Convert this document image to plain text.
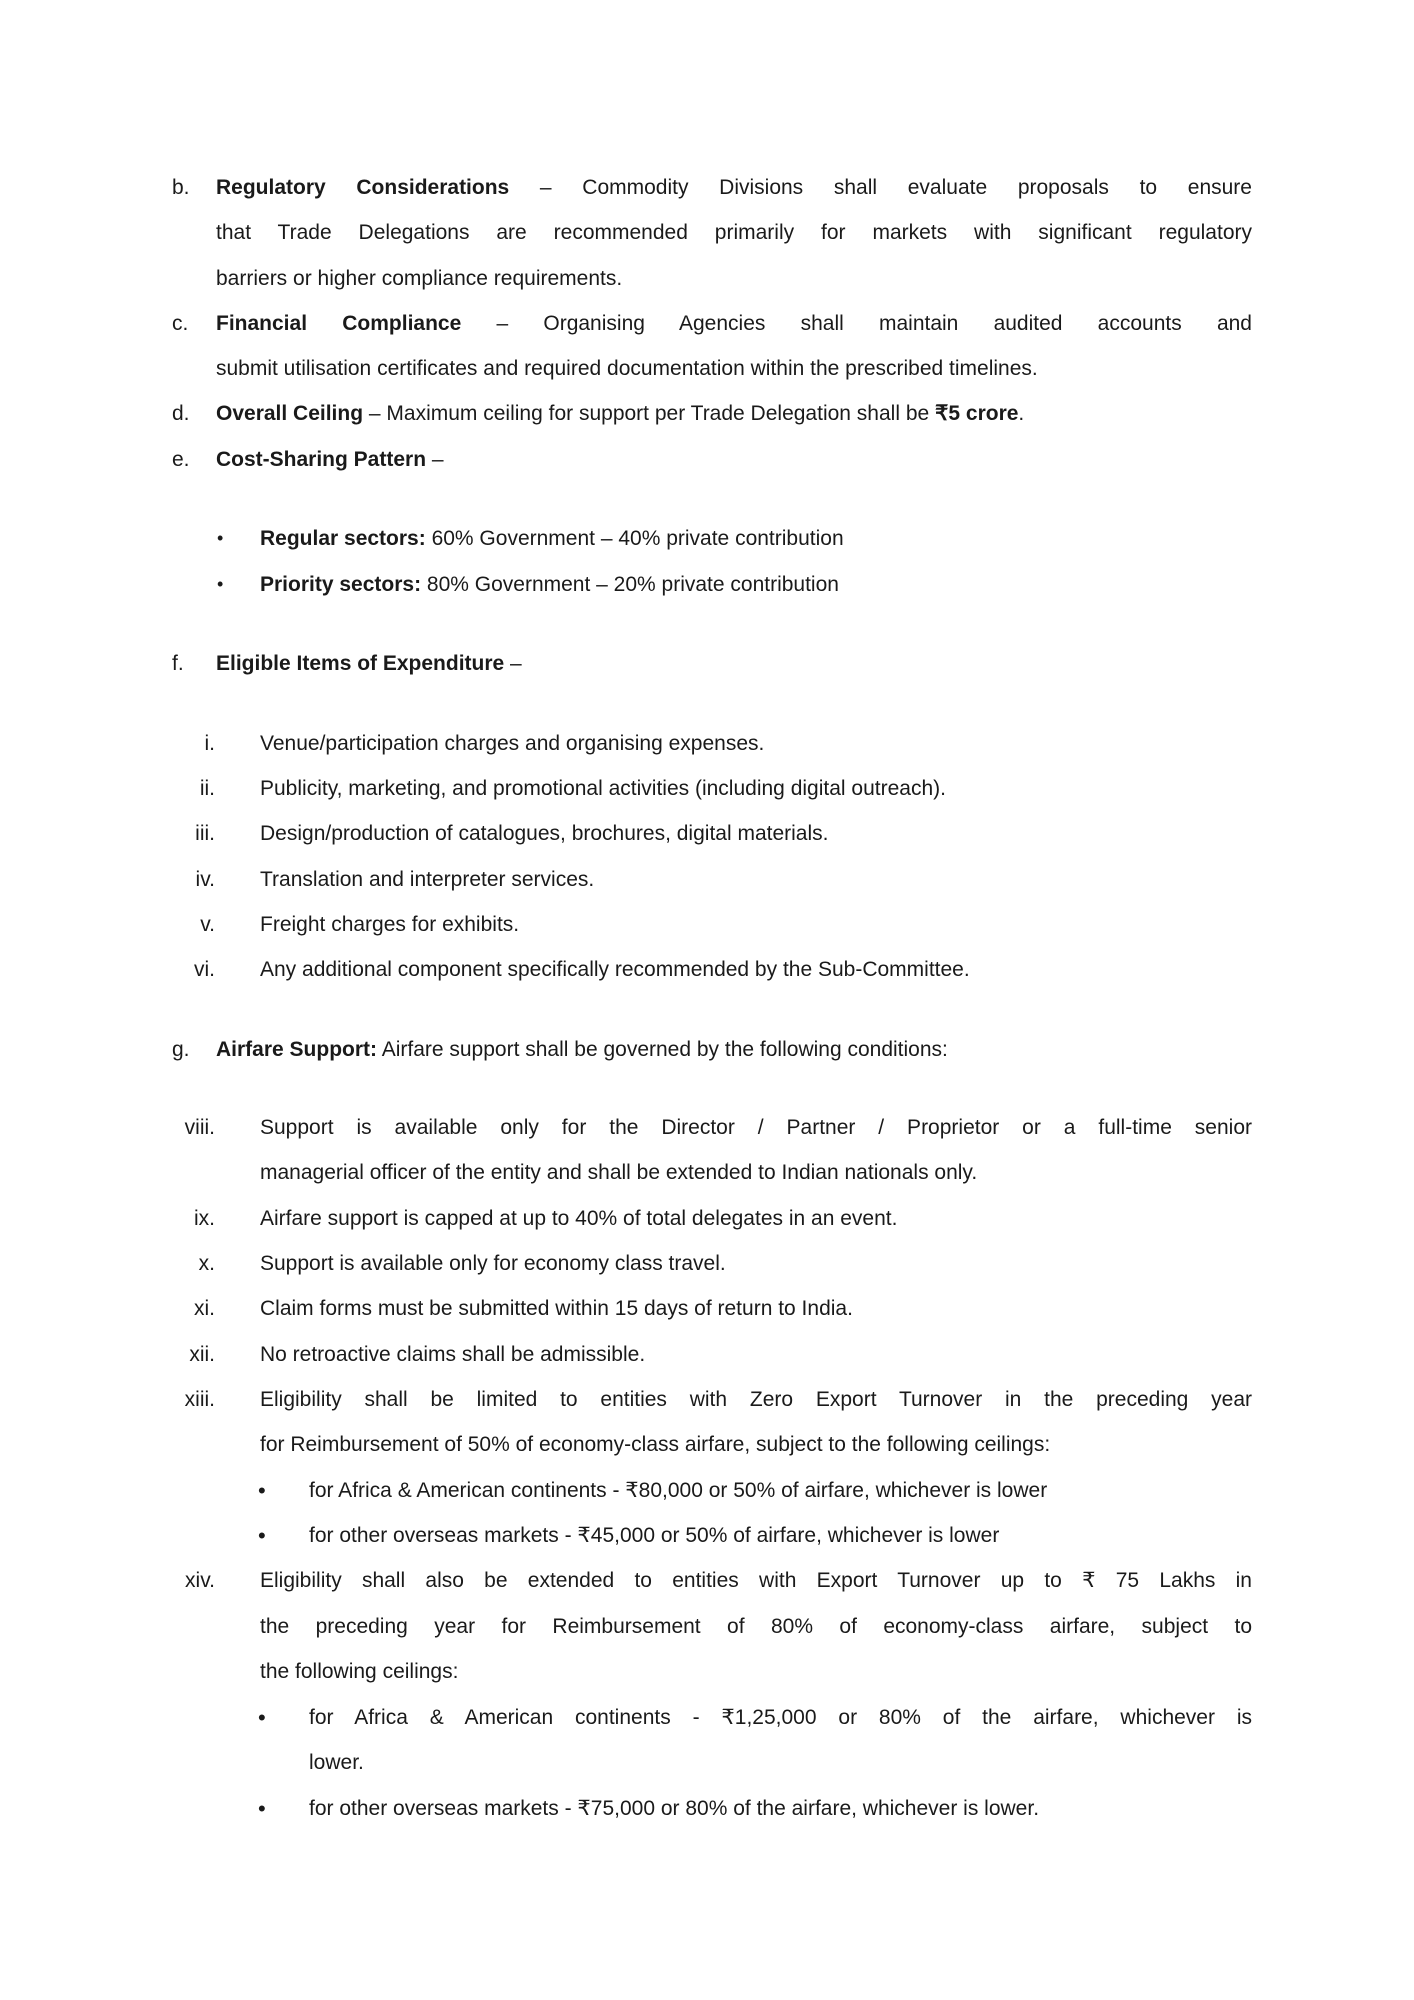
b. Regulatory Considerations – Commodity Divisions shall evaluate proposals to ensure
that Trade Delegations are recommended primarily for markets with significant regulatory
barriers or higher compliance requirements.
c. Financial Compliance – Organising Agencies shall maintain audited accounts and
submit utilisation certificates and required documentation within the prescribed timelines.
d. Overall Ceiling – Maximum ceiling for support per Trade Delegation shall be ₹5 crore.
e. Cost-Sharing Pattern –
• Regular sectors: 60% Government – 40% private contribution
• Priority sectors: 80% Government – 20% private contribution
f. Eligible Items of Expenditure –
i. Venue/participation charges and organising expenses.
ii. Publicity, marketing, and promotional activities (including digital outreach).
iii. Design/production of catalogues, brochures, digital materials.
iv. Translation and interpreter services.
v. Freight charges for exhibits.
vi. Any additional component specifically recommended by the Sub-Committee.
g. Airfare Support: Airfare support shall be governed by the following conditions:
viii. Support is available only for the Director / Partner / Proprietor or a full-time senior
managerial officer of the entity and shall be extended to Indian nationals only.
ix. Airfare support is capped at up to 40% of total delegates in an event.
x. Support is available only for economy class travel.
xi. Claim forms must be submitted within 15 days of return to India.
xii. No retroactive claims shall be admissible.
xiii. Eligibility shall be limited to entities with Zero Export Turnover in the preceding year
for Reimbursement of 50% of economy-class airfare, subject to the following ceilings:
• for Africa & American continents - ₹80,000 or 50% of airfare, whichever is lower
• for other overseas markets - ₹45,000 or 50% of airfare, whichever is lower
xiv. Eligibility shall also be extended to entities with Export Turnover up to ₹ 75 Lakhs in
the preceding year for Reimbursement of 80% of economy-class airfare, subject to
the following ceilings:
• for Africa & American continents - ₹1,25,000 or 80% of the airfare, whichever is
lower.
• for other overseas markets - ₹75,000 or 80% of the airfare, whichever is lower.
